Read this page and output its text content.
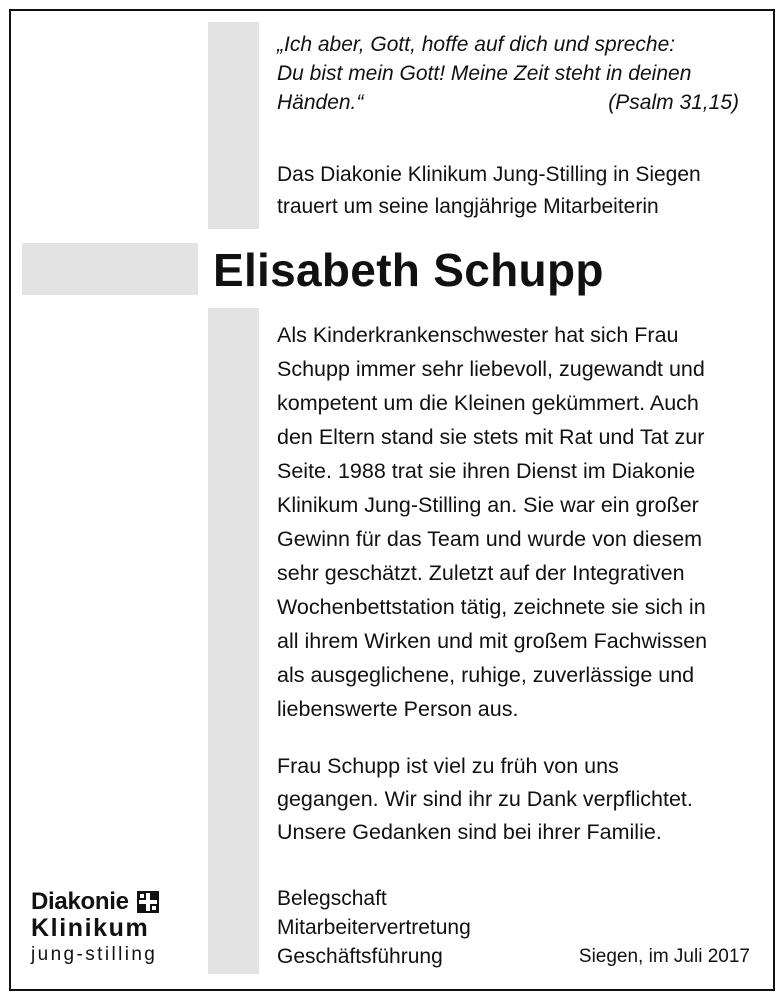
„Ich aber, Gott, hoffe auf dich und spreche:
Du bist mein Gott! Meine Zeit steht in deinen
Händen.“	(Psalm 31,15)
Das Diakonie Klinikum Jung-Stilling in Siegen
trauert um seine langjährige Mitarbeiterin
Elisabeth Schupp
Als Kinderkrankenschwester hat sich Frau
Schupp immer sehr liebevoll, zugewandt und
kompetent um die Kleinen gekümmert. Auch
den Eltern stand sie stets mit Rat und Tat zur
Seite. 1988 trat sie ihren Dienst im Diakonie
Klinikum Jung-Stilling an. Sie war ein großer
Gewinn für das Team und wurde von diesem
sehr geschätzt. Zuletzt auf der Integrativen
Wochenbettstation tätig, zeichnete sie sich in
all ihrem Wirken und mit großem Fachwissen
als ausgeglichene, ruhige, zuverlässige und
liebenswerte Person aus.
Frau Schupp ist viel zu früh von uns
gegangen. Wir sind ihr zu Dank verpflichtet.
Unsere Gedanken sind bei ihrer Familie.
Belegschaft
Mitarbeitervertretung
Geschäftsführung	Siegen, im Juli 2017
Diakonie
Klinikum
jung-stilling
